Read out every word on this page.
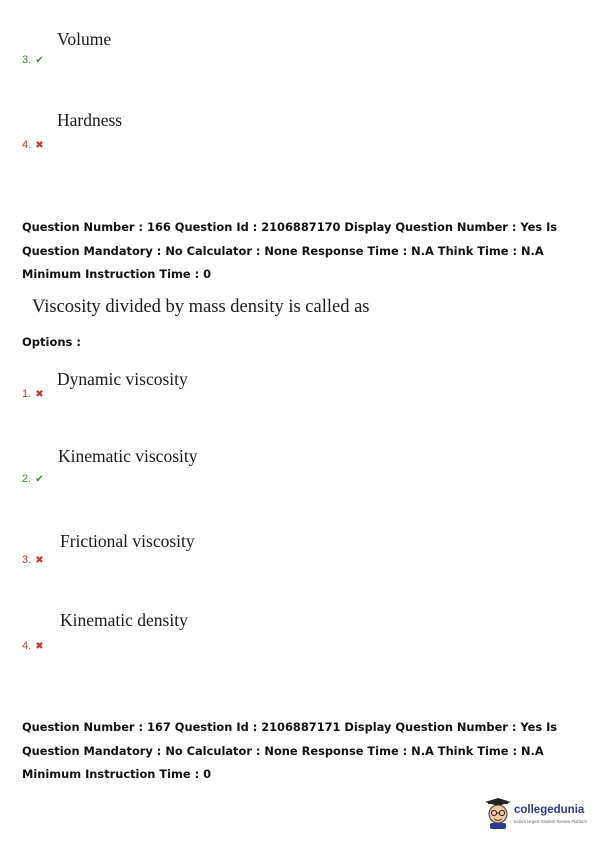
Volume
3. ✔
Hardness
4. ✖
Question Number : 166 Question Id : 2106887170 Display Question Number : Yes Is Question Mandatory : No Calculator : None Response Time : N.A Think Time : N.A Minimum Instruction Time : 0
Viscosity divided by mass density is called as
Options :
Dynamic viscosity
1. ✖
Kinematic viscosity
2. ✔
Frictional viscosity
3. ✖
Kinematic density
4. ✖
Question Number : 167 Question Id : 2106887171 Display Question Number : Yes Is Question Mandatory : No Calculator : None Response Time : N.A Think Time : N.A Minimum Instruction Time : 0
collegedunia
India's largest Student Review Platform
